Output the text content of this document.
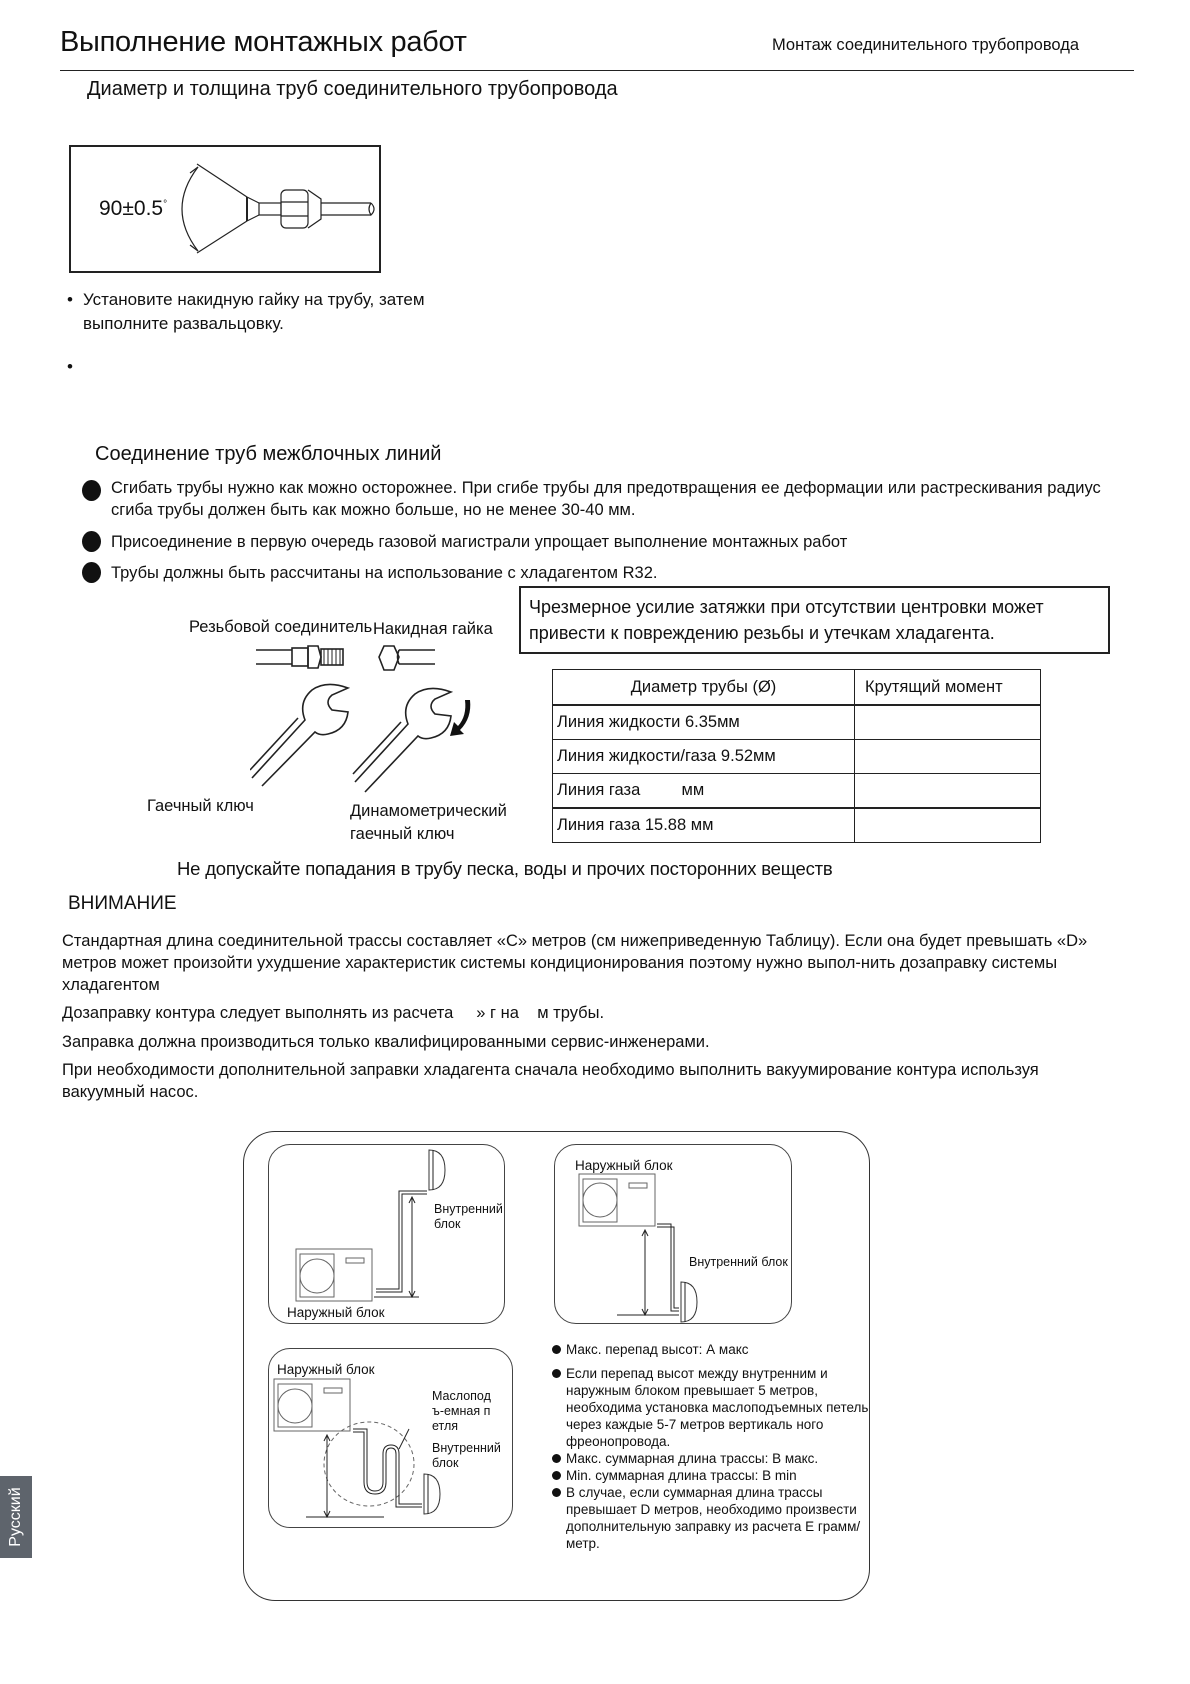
Выполнение монтажных работ	Монтаж соединительного трубопровода
Диаметр и толщина труб соединительного трубопровода
90±0.5°
• Установите накидную гайку на трубу, затем выполните развальцовку.
•
Соединение труб межблочных линий
Сгибать трубы нужно как можно осторожнее. При сгибе трубы для предотвращения ее деформации или растрескивания радиус сгиба трубы должен быть как можно больше, но не менее 30-40 мм.
Присоединение в первую очередь газовой магистрали упрощает выполнение монтажных работ
Трубы должны быть рассчитаны на использование с хладагентом R32.
Резьбовой соединитель Накидная гайка
Гаечный ключ	Динамометрический гаечный ключ
Чрезмерное усилие затяжки при отсутствии центровки может привести к повреждению резьбы и утечкам хладагента.
Диаметр трубы (Ø)	Крутящий момент
Линия жидкости 6.35мм	
Линия жидкости/газа 9.52мм	
Линия газа         мм	
Линия газа 15.88 мм	
Не допускайте попадания в трубу песка, воды и прочих посторонних веществ
ВНИМАНИЕ
Стандартная длина соединительной трассы составляет «C» метров (см нижеприведенную Таблицу). Если она будет превышать «D» метров может произойти ухудшение характеристик системы кондиционирования поэтому нужно выпол-нить дозаправку системы хладагентом
Дозаправку контура следует выполнять из расчета     » г на    м трубы.
Заправка должна производиться только квалифицированными сервис-инженерами.
При необходимости дополнительной заправки хладагента сначала необходимо выполнить вакуумирование контура используя вакуумный насос.
Внутренний блок
Наружный блок
Наружный блок
Внутренний блок
Наружный блок
Маслоподъ-емная петля
Внутренний блок
Макс. перепад высот: А макс
Если перепад высот между внутренним и наружным блоком превышает 5 метров, необходима установка маслоподъемных петель через каждые 5-7 метров вертикаль ного фреонопровода.
Макс. суммарная длина трассы: В макс.
Min. суммарная длина трассы: В min
В случае, если суммарная длина трассы превышает D метров, необходимо произвести дополнительную заправку из расчета Е грамм/метр.
Русский
